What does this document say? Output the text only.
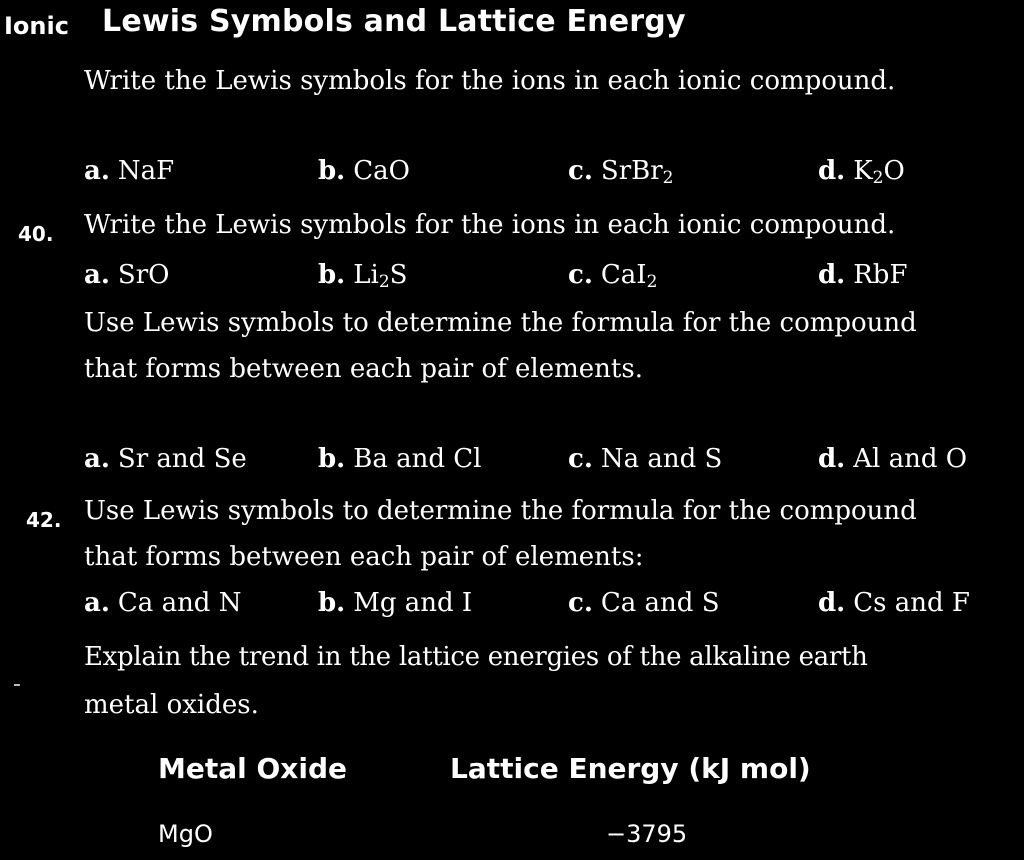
Ionic Lewis Symbols and Lattice Energy
Write the Lewis symbols for the ions in each ionic compound.
a. NaF	b. CaO	c. SrBr$_2$	d. $K_2O$
40. Write the Lewis symbols for the ions in each ionic compound.
a. SrO	b. $Li_2S$	c. CaI$_2$	d. RbF
Use Lewis symbols to determine the formula for the compound
that forms between each pair of elements.
a. Sr and Se	b. Ba and Cl	c. Na and S	d. Al and O
42. Use Lewis symbols to determine the formula for the compound
that forms between each pair of elements:
a. Ca and N	b. Mg and I	c. Ca and S	d. Cs and F
Explain the trend in the lattice energies of the alkaline earth
metal oxides.
Metal Oxide	Lattice Energy (kJ mol)
MgO	−3795
